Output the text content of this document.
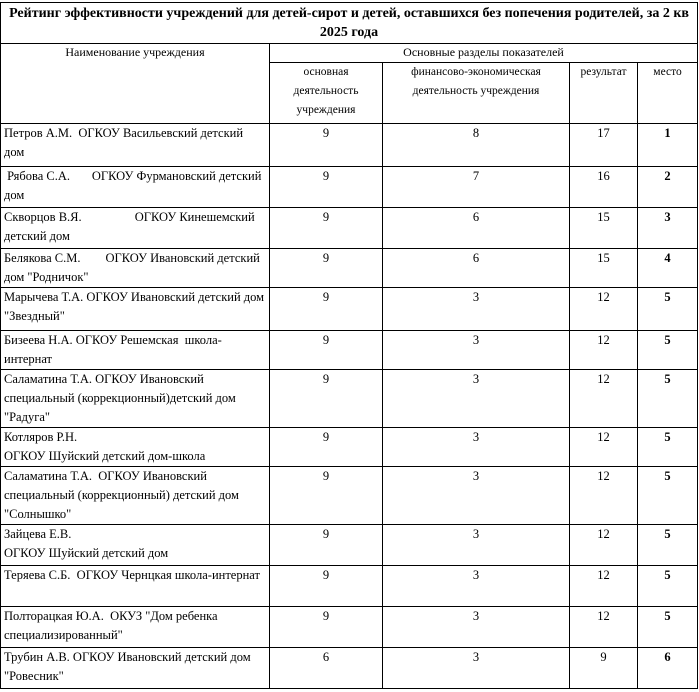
Рейтинг эффективности учреждений для детей-сирот и детей, оставшихся без попечения родителей, за 2 кв 2025 года				
Наименование учреждения	Основные разделы показателей			
	основная деятельность учреждения	финансово-экономическая деятельность учреждения	результат	место
Петров А.М.  ОГКОУ Васильевский детский дом	9	8	17	1
Рябова С.А.       ОГКОУ Фурмановский детский дом	9	7	16	2
Скворцов В.Я.                 ОГКОУ Кинешемский детский дом	9	6	15	3
Белякова С.М.        ОГКОУ Ивановский детский дом "Родничок"	9	6	15	4
Марычева Т.А. ОГКОУ Ивановский детский дом "Звездный"	9	3	12	5
Бизеева Н.А. ОГКОУ Решемская  школа-интернат	9	3	12	5
Саламатина Т.А. ОГКОУ Ивановский специальный (коррекционный)детский дом "Радуга"	9	3	12	5
Котляров Р.Н.
ОГКОУ Шуйский детский дом-школа	9	3	12	5
Саламатина Т.А.  ОГКОУ Ивановский специальный (коррекционный) детский дом "Солнышко"	9	3	12	5
Зайцева Е.В.
ОГКОУ Шуйский детский дом	9	3	12	5
Теряева С.Б.  ОГКОУ Чернцкая школа-интернат	9	3	12	5
Полторацкая Ю.А.  ОКУЗ "Дом ребенка специализированный"	9	3	12	5
Трубин А.В. ОГКОУ Ивановский детский дом "Ровесник"	6	3	9	6
